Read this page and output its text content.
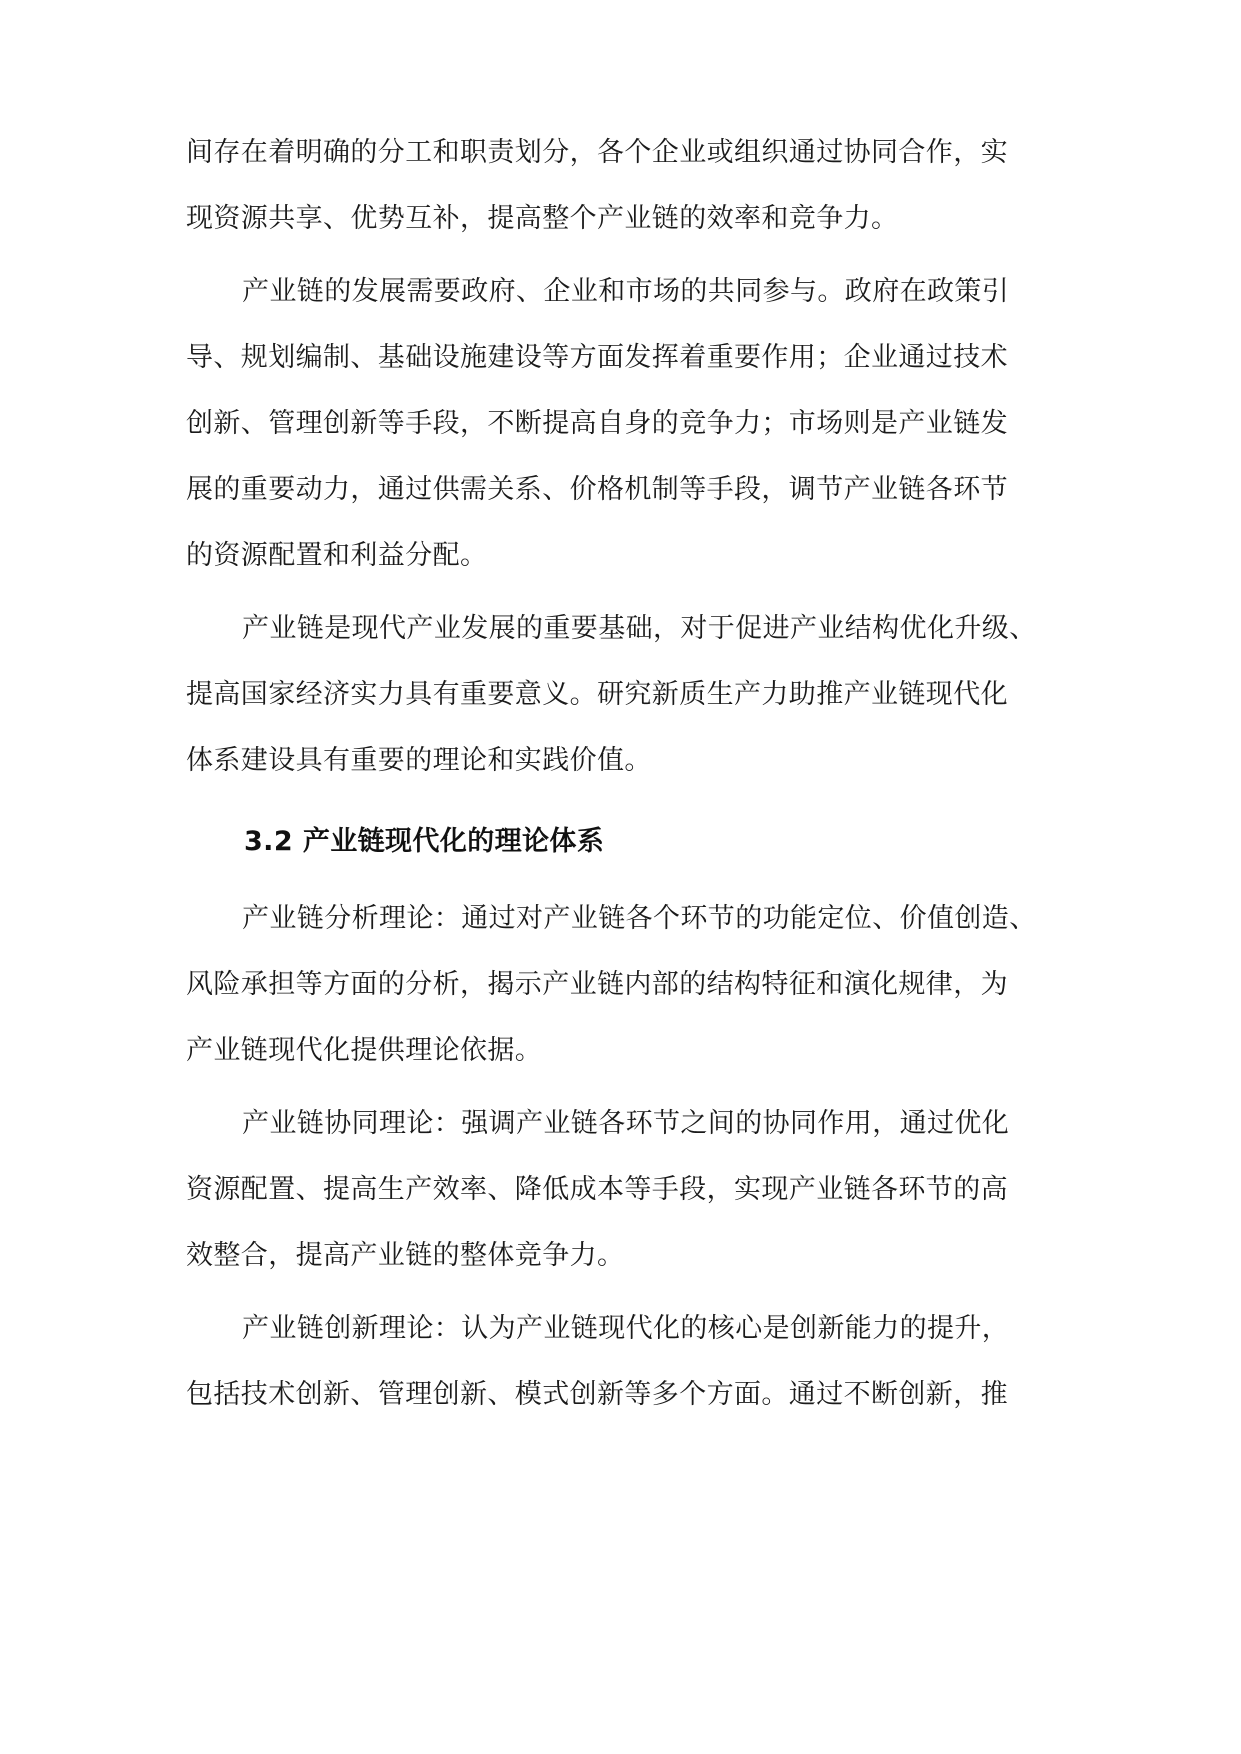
间存在着明确的分工和职责划分，各个企业或组织通过协同合作，实
现资源共享、优势互补，提高整个产业链的效率和竞争力。
产业链的发展需要政府、企业和市场的共同参与。政府在政策引
导、规划编制、基础设施建设等方面发挥着重要作用；企业通过技术
创新、管理创新等手段，不断提高自身的竞争力；市场则是产业链发
展的重要动力，通过供需关系、价格机制等手段，调节产业链各环节
的资源配置和利益分配。
产业链是现代产业发展的重要基础，对于促进产业结构优化升级、
提高国家经济实力具有重要意义。研究新质生产力助推产业链现代化
体系建设具有重要的理论和实践价值。
产业链分析理论：通过对产业链各个环节的功能定位、价值创造、
风险承担等方面的分析，揭示产业链内部的结构特征和演化规律，为
产业链现代化提供理论依据。
产业链协同理论：强调产业链各环节之间的协同作用，通过优化
资源配置、提高生产效率、降低成本等手段，实现产业链各环节的高
效整合，提高产业链的整体竞争力。
产业链创新理论：认为产业链现代化的核心是创新能力的提升，
包括技术创新、管理创新、模式创新等多个方面。通过不断创新，推
3.2 产业链现代化的理论体系
